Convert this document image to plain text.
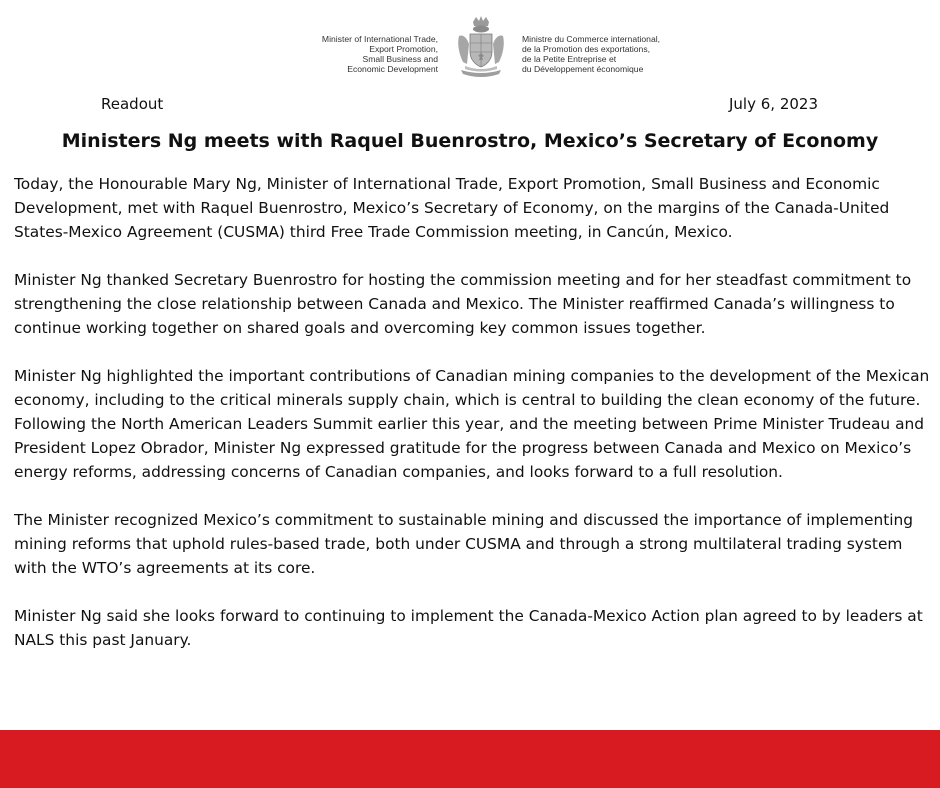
Minister of International Trade,
Export Promotion,
Small Business and
Economic Development
Ministre du Commerce international,
de la Promotion des exportations,
de la Petite Entreprise et
du Développement économique
Readout	July 6, 2023
Ministers Ng meets with Raquel Buenrostro, Mexico’s Secretary of Economy

Today, the Honourable Mary Ng, Minister of International Trade, Export Promotion, Small Business and Economic Development, met with Raquel Buenrostro, Mexico’s Secretary of Economy, on the margins of the Canada-United States-Mexico Agreement (CUSMA) third Free Trade Commission meeting, in Cancún, Mexico.

Minister Ng thanked Secretary Buenrostro for hosting the commission meeting and for her steadfast commitment to strengthening the close relationship between Canada and Mexico. The Minister reaffirmed Canada’s willingness to continue working together on shared goals and overcoming key common issues together.

Minister Ng highlighted the important contributions of Canadian mining companies to the development of the Mexican economy, including to the critical minerals supply chain, which is central to building the clean economy of the future. Following the North American Leaders Summit earlier this year, and the meeting between Prime Minister Trudeau and President Lopez Obrador, Minister Ng expressed gratitude for the progress between Canada and Mexico on Mexico’s energy reforms, addressing concerns of Canadian companies, and looks forward to a full resolution.

The Minister recognized Mexico’s commitment to sustainable mining and discussed the importance of implementing mining reforms that uphold rules-based trade, both under CUSMA and through a strong multilateral trading system with the WTO’s agreements at its core.

Minister Ng said she looks forward to continuing to implement the Canada-Mexico Action plan agreed to by leaders at NALS this past January.
